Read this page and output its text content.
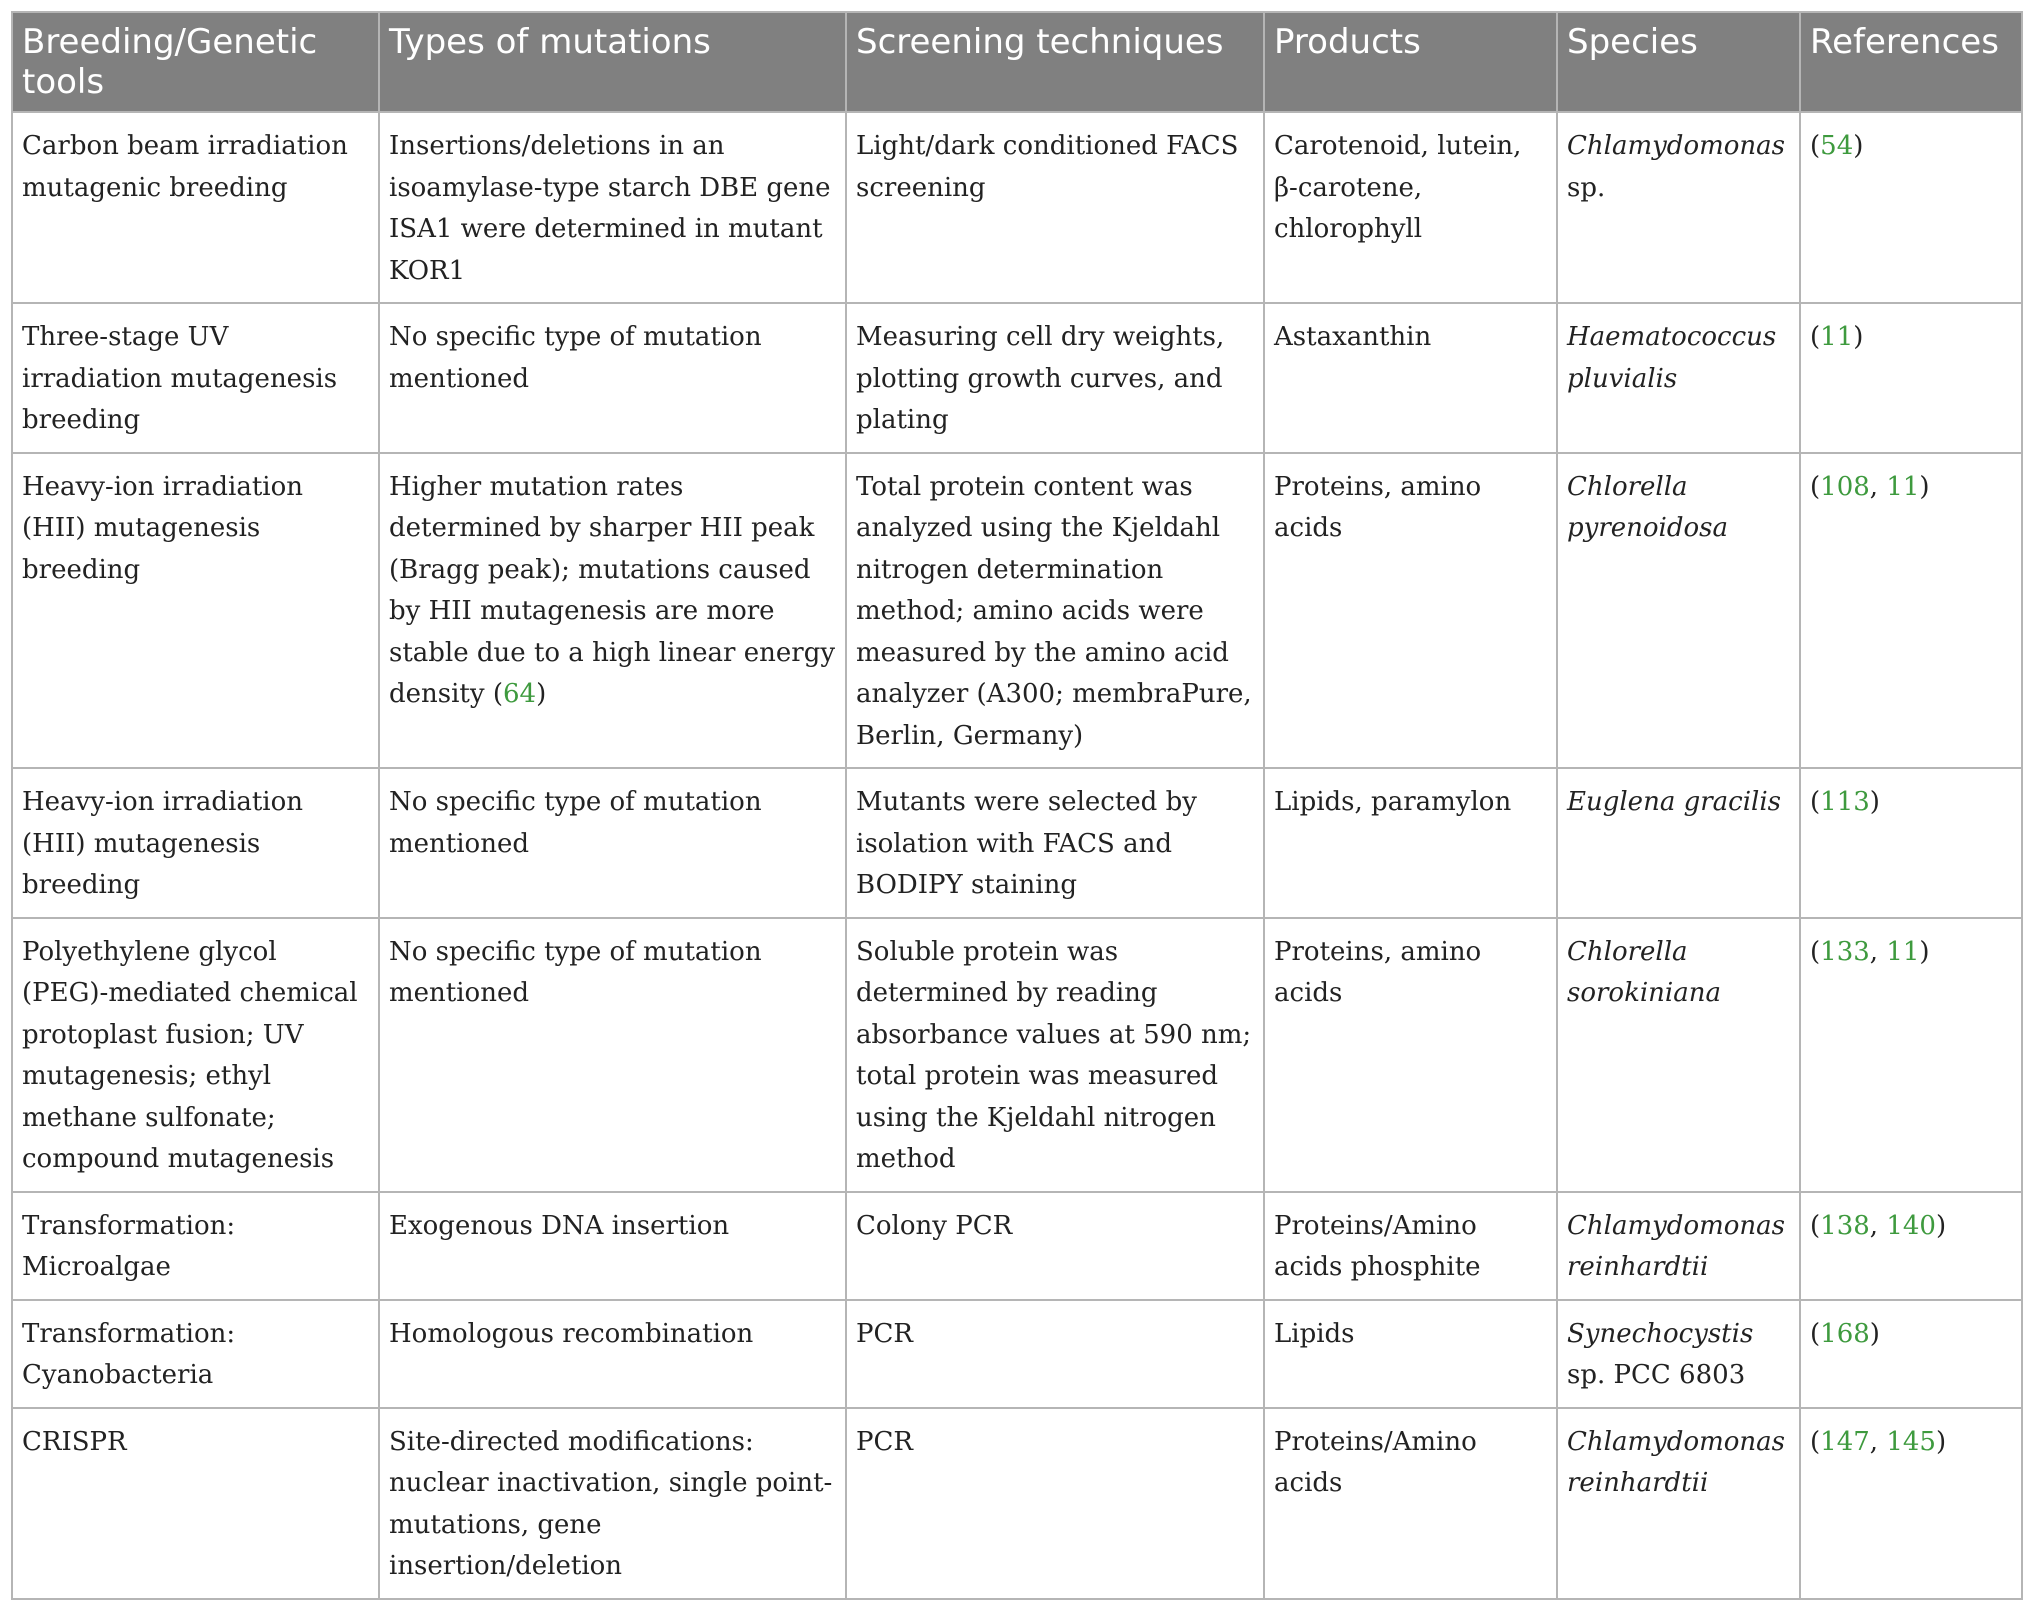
Breeding/Genetic tools	Types of mutations	Screening techniques	Products	Species	References
Carbon beam irradiation mutagenic breeding	Insertions/deletions in an isoamylase-type starch DBE gene ISA1 were determined in mutant KOR1	Light/dark conditioned FACS screening	Carotenoid, lutein, β-carotene, chlorophyll	Chlamydomonas sp.	(54)
Three-stage UV irradiation mutagenesis breeding	No specific type of mutation mentioned	Measuring cell dry weights, plotting growth curves, and plating	Astaxanthin	Haematococcus pluvialis	(11)
Heavy-ion irradiation (HII) mutagenesis breeding	Higher mutation rates determined by sharper HII peak (Bragg peak); mutations caused by HII mutagenesis are more stable due to a high linear energy density (64)	Total protein content was analyzed using the Kjeldahl nitrogen determination method; amino acids were measured by the amino acid analyzer (A300; membraPure, Berlin, Germany)	Proteins, amino acids	Chlorella pyrenoidosa	(108, 11)
Heavy-ion irradiation (HII) mutagenesis breeding	No specific type of mutation mentioned	Mutants were selected by isolation with FACS and BODIPY staining	Lipids, paramylon	Euglena gracilis	(113)
Polyethylene glycol (PEG)-mediated chemical protoplast fusion; UV mutagenesis; ethyl methane sulfonate; compound mutagenesis	No specific type of mutation mentioned	Soluble protein was determined by reading absorbance values at 590 nm; total protein was measured using the Kjeldahl nitrogen method	Proteins, amino acids	Chlorella sorokiniana	(133, 11)
Transformation: Microalgae	Exogenous DNA insertion	Colony PCR	Proteins/Amino acids phosphite	Chlamydomonas reinhardtii	(138, 140)
Transformation: Cyanobacteria	Homologous recombination	PCR	Lipids	Synechocystis sp. PCC 6803	(168)
CRISPR	Site-directed modifications: nuclear inactivation, single point-mutations, gene insertion/deletion	PCR	Proteins/Amino acids	Chlamydomonas reinhardtii	(147, 145)
